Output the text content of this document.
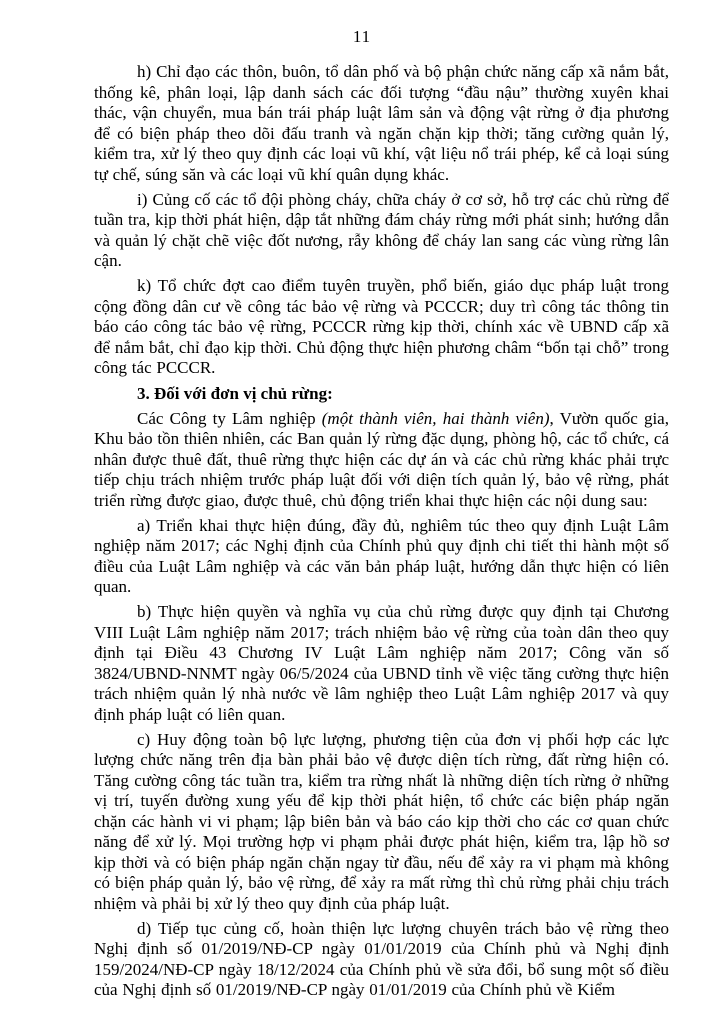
11

h) Chỉ đạo các thôn, buôn, tổ dân phố và bộ phận chức năng cấp xã nắm bắt, thống kê, phân loại, lập danh sách các đối tượng “đầu nậu” thường xuyên khai thác, vận chuyển, mua bán trái pháp luật lâm sản và động vật rừng ở địa phương để có biện pháp theo dõi đấu tranh và ngăn chặn kịp thời; tăng cường quản lý, kiểm tra, xử lý theo quy định các loại vũ khí, vật liệu nổ trái phép, kể cả loại súng tự chế, súng săn và các loại vũ khí quân dụng khác.

i) Củng cố các tổ đội phòng cháy, chữa cháy ở cơ sở, hỗ trợ các chủ rừng để tuần tra, kịp thời phát hiện, dập tắt những đám cháy rừng mới phát sinh; hướng dẫn và quản lý chặt chẽ việc đốt nương, rẫy không để cháy lan sang các vùng rừng lân cận.

k) Tổ chức đợt cao điểm tuyên truyền, phổ biến, giáo dục pháp luật trong cộng đồng dân cư về công tác bảo vệ rừng và PCCCR; duy trì công tác thông tin báo cáo công tác bảo vệ rừng, PCCCR rừng kịp thời, chính xác về UBND cấp xã để nắm bắt, chỉ đạo kịp thời. Chủ động thực hiện phương châm “bốn tại chỗ” trong công tác PCCCR.

3. Đối với đơn vị chủ rừng:

Các Công ty Lâm nghiệp (một thành viên, hai thành viên), Vườn quốc gia, Khu bảo tồn thiên nhiên, các Ban quản lý rừng đặc dụng, phòng hộ, các tổ chức, cá nhân được thuê đất, thuê rừng thực hiện các dự án và các chủ rừng khác phải trực tiếp chịu trách nhiệm trước pháp luật đối với diện tích quản lý, bảo vệ rừng, phát triển rừng được giao, được thuê, chủ động triển khai thực hiện các nội dung sau:

a) Triển khai thực hiện đúng, đầy đủ, nghiêm túc theo quy định Luật Lâm nghiệp năm 2017; các Nghị định của Chính phủ quy định chi tiết thi hành một số điều của Luật Lâm nghiệp và các văn bản pháp luật, hướng dẫn thực hiện có liên quan.

b) Thực hiện quyền và nghĩa vụ của chủ rừng được quy định tại Chương VIII Luật Lâm nghiệp năm 2017; trách nhiệm bảo vệ rừng của toàn dân theo quy định tại Điều 43 Chương IV Luật Lâm nghiệp năm 2017; Công văn số 3824/UBND-NNMT ngày 06/5/2024 của UBND tỉnh về việc tăng cường thực hiện trách nhiệm quản lý nhà nước về lâm nghiệp theo Luật Lâm nghiệp 2017 và quy định pháp luật có liên quan.

c) Huy động toàn bộ lực lượng, phương tiện của đơn vị phối hợp các lực lượng chức năng trên địa bàn phải bảo vệ được diện tích rừng, đất rừng hiện có. Tăng cường công tác tuần tra, kiểm tra rừng nhất là những diện tích rừng ở những vị trí, tuyến đường xung yếu để kịp thời phát hiện, tổ chức các biện pháp ngăn chặn các hành vi vi phạm; lập biên bản và báo cáo kịp thời cho các cơ quan chức năng để xử lý. Mọi trường hợp vi phạm phải được phát hiện, kiểm tra, lập hồ sơ kịp thời và có biện pháp ngăn chặn ngay từ đầu, nếu để xảy ra vi phạm mà không có biện pháp quản lý, bảo vệ rừng, để xảy ra mất rừng thì chủ rừng phải chịu trách nhiệm và phải bị xử lý theo quy định của pháp luật.

d) Tiếp tục củng cố, hoàn thiện lực lượng chuyên trách bảo vệ rừng theo Nghị định số 01/2019/NĐ-CP ngày 01/01/2019 của Chính phủ và Nghị định 159/2024/NĐ-CP ngày 18/12/2024 của Chính phủ về sửa đổi, bổ sung một số điều của Nghị định số 01/2019/NĐ-CP ngày 01/01/2019 của Chính phủ về Kiểm
